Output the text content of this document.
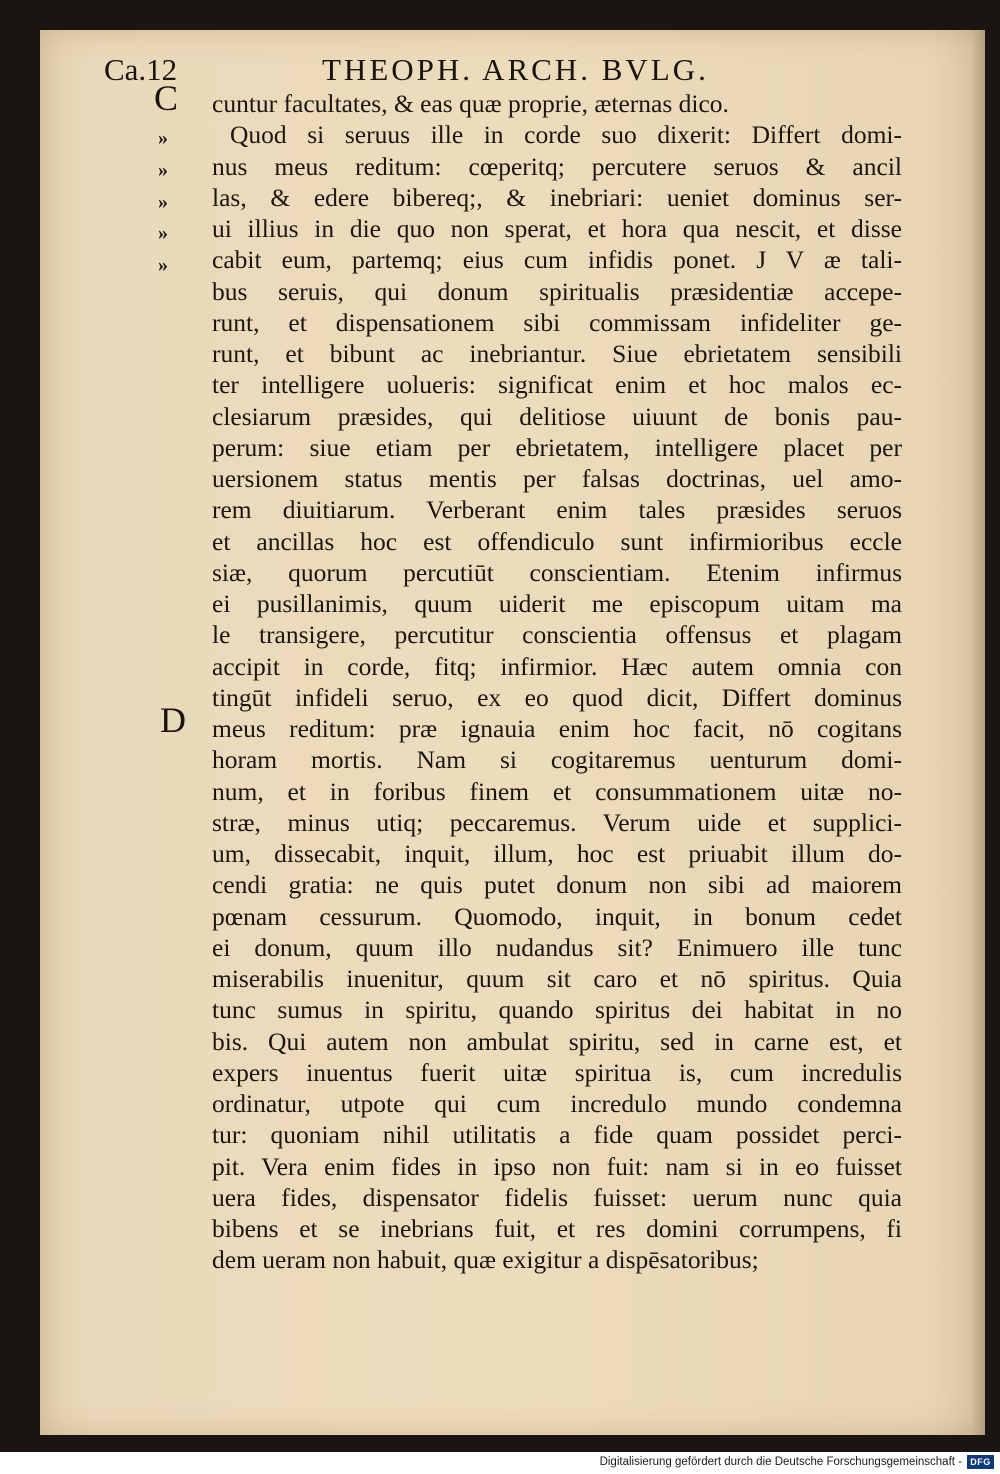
Ca.12	THEOPH. ARCH. BVLG.
C
»
»
»
»
»
D
cuntur facultates, & eas quæ proprie, æternas dico.
Quod si seruus ille in corde suo dixerit: Differt domi-
nus meus reditum: cœperitq; percutere seruos & ancil
las, & edere bibereq;, & inebriari: ueniet dominus ser-
ui illius in die quo non sperat, et hora qua nescit, et disse
cabit eum, partemq; eius cum infidis ponet. J V æ tali-
bus seruis, qui donum spiritualis præsidentiæ accepe-
runt, et dispensationem sibi commissam infideliter ge-
runt, et bibunt ac inebriantur. Siue ebrietatem sensibili
ter intelligere uolueris: significat enim et hoc malos ec-
clesiarum præsides, qui delitiose uiuunt de bonis pau-
perum: siue etiam per ebrietatem, intelligere placet per
uersionem status mentis per falsas doctrinas, uel amo-
rem diuitiarum. Verberant enim tales præsides seruos
et ancillas hoc est offendiculo sunt infirmioribus eccle
siæ, quorum percutiūt conscientiam. Etenim infirmus
ei pusillanimis, quum uiderit me episcopum uitam ma
le transigere, percutitur conscientia offensus et plagam
accipit in corde, fitq; infirmior. Hæc autem omnia con
tingūt infideli seruo, ex eo quod dicit, Differt dominus
meus reditum: præ ignauia enim hoc facit, nō cogitans
horam mortis. Nam si cogitaremus uenturum domi-
num, et in foribus finem et consummationem uitæ no-
stræ, minus utiq; peccaremus. Verum uide et supplici-
um, dissecabit, inquit, illum, hoc est priuabit illum do-
cendi gratia: ne quis putet donum non sibi ad maiorem
pœnam cessurum. Quomodo, inquit, in bonum cedet
ei donum, quum illo nudandus sit? Enimuero ille tunc
miserabilis inuenitur, quum sit caro et nō spiritus. Quia
tunc sumus in spiritu, quando spiritus dei habitat in no
bis. Qui autem non ambulat spiritu, sed in carne est, et
expers inuentus fuerit uitæ spiritua is, cum incredulis
ordinatur, utpote qui cum incredulo mundo condemna
tur: quoniam nihil utilitatis a fide quam possidet perci-
pit. Vera enim fides in ipso non fuit: nam si in eo fuisset
uera fides, dispensator fidelis fuisset: uerum nunc quia
bibens et se inebrians fuit, et res domini corrumpens, fi
dem ueram non habuit, quæ exigitur a dispēsatoribus;
Digitalisierung gefördert durch die Deutsche Forschungsgemeinschaft - DFG
